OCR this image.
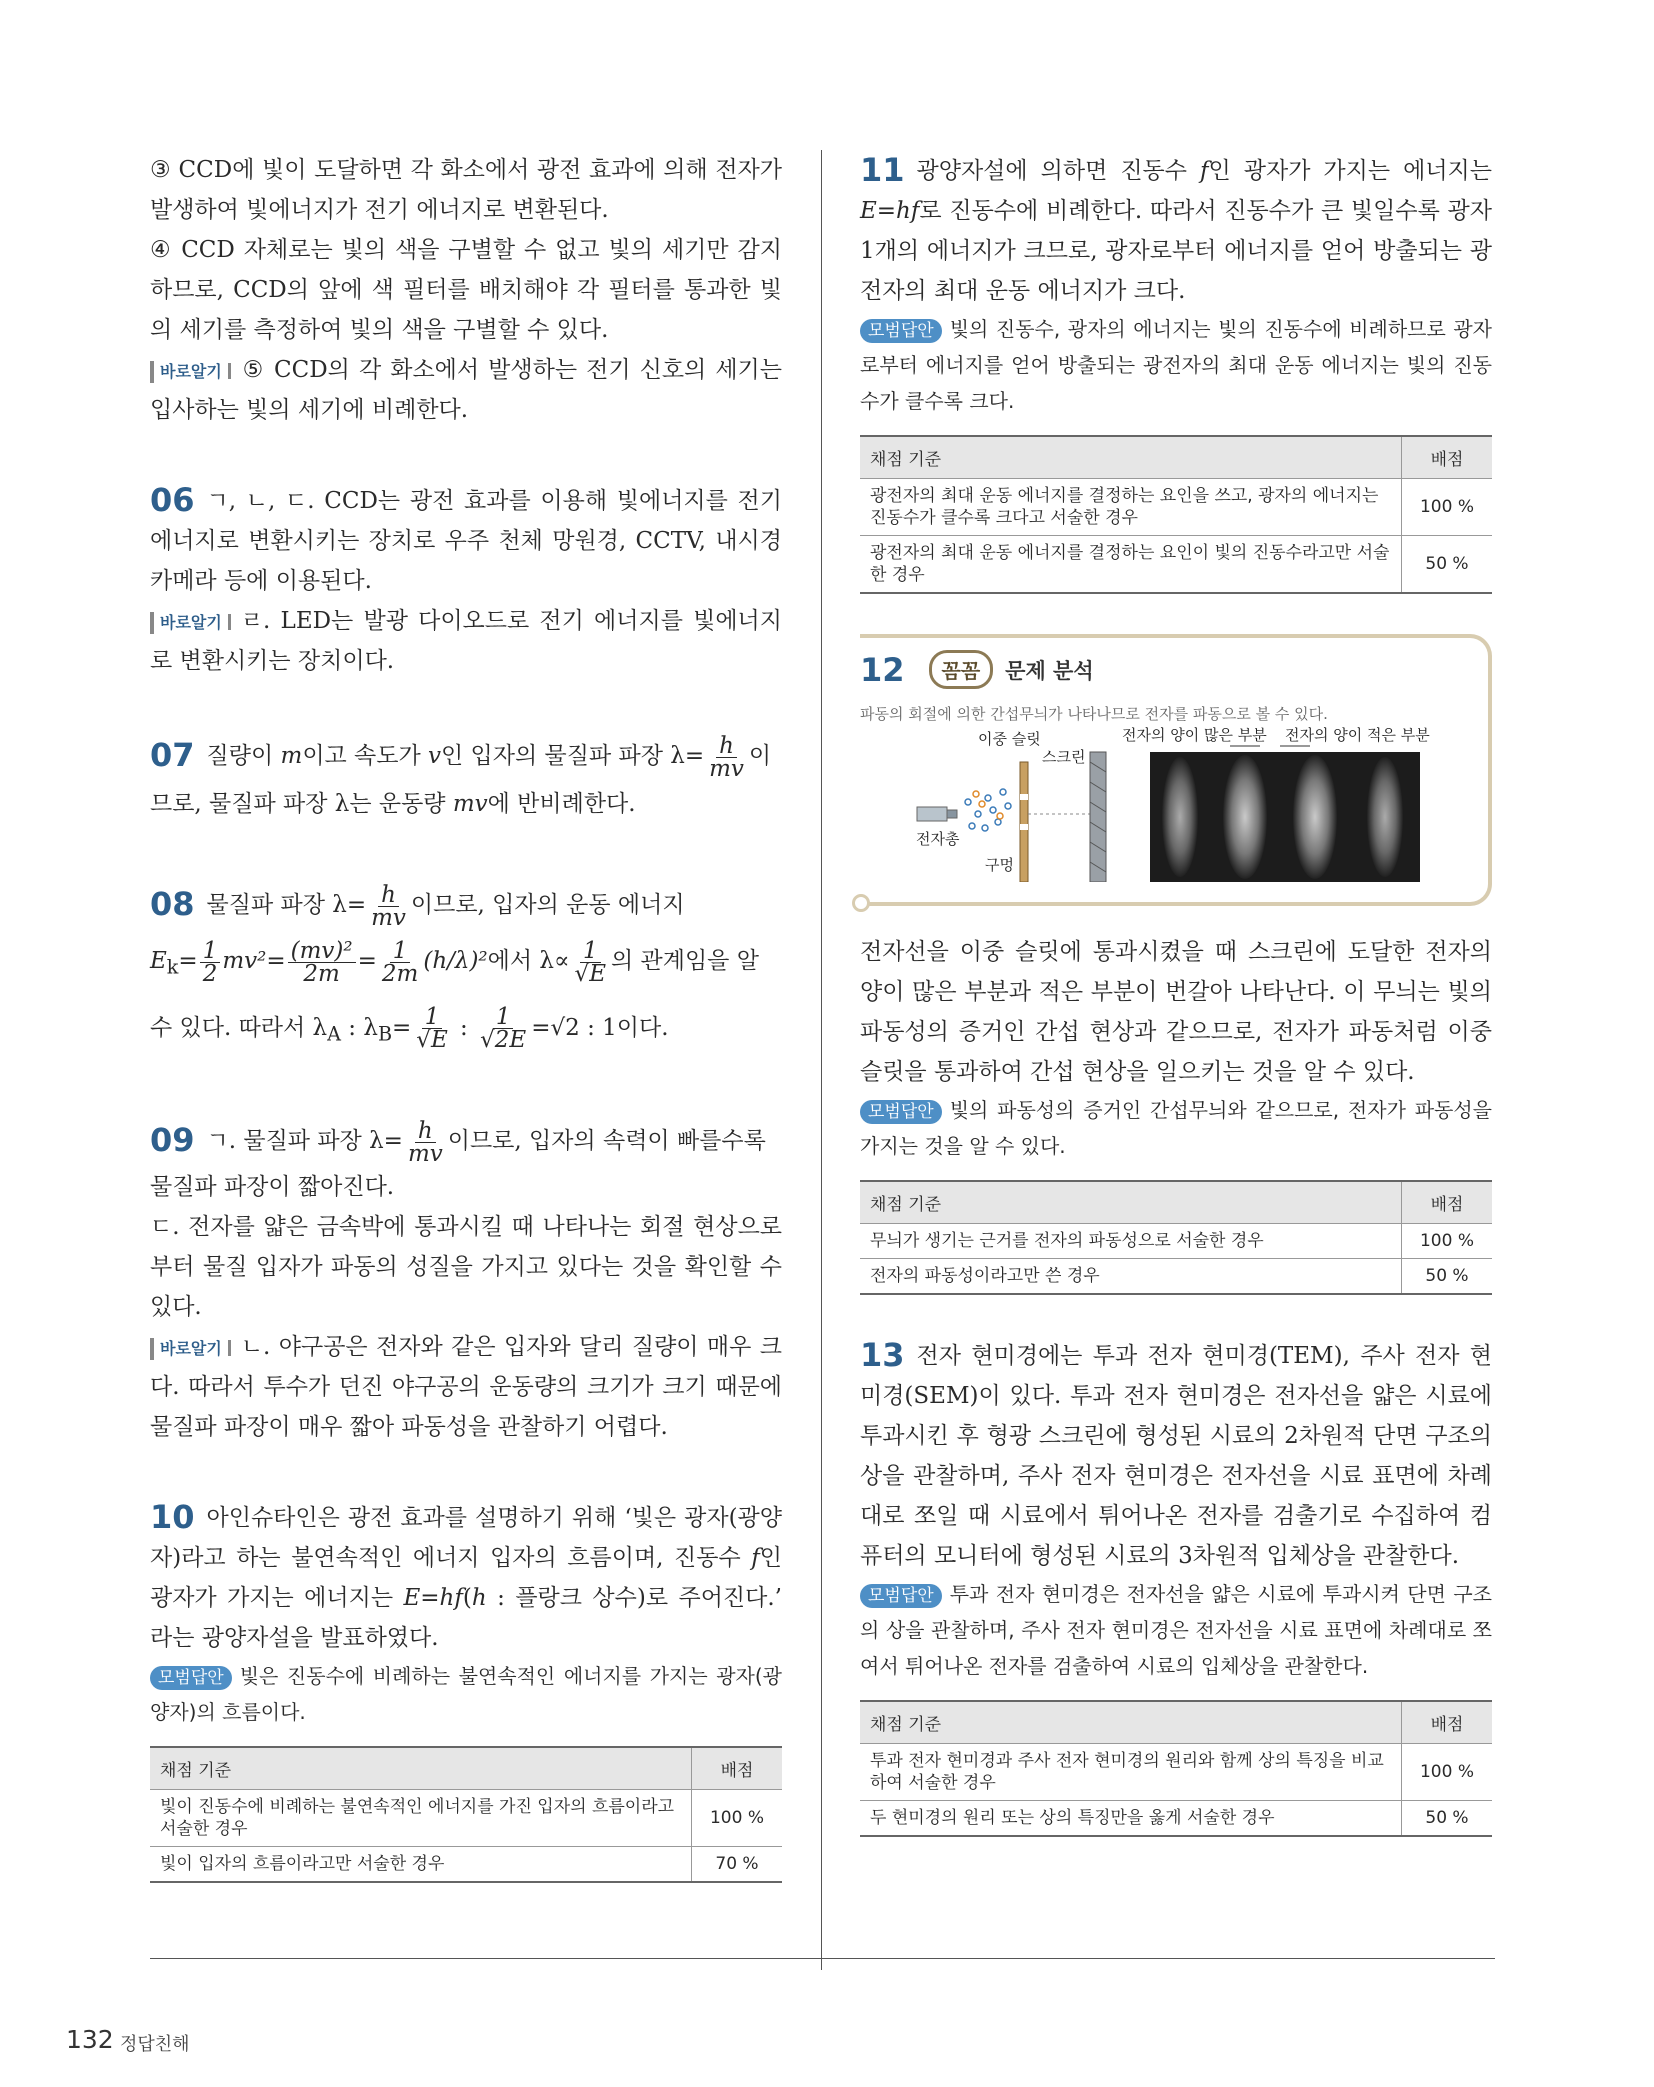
③ CCD에 빛이 도달하면 각 화소에서 광전 효과에 의해 전자가 발생하여 빛에너지가 전기 에너지로 변환된다.

④ CCD 자체로는 빛의 색을 구별할 수 없고 빛의 세기만 감지하므로, CCD의 앞에 색 필터를 배치해야 각 필터를 통과한 빛의 세기를 측정하여 빛의 색을 구별할 수 있다.

바로알기 ⑤ CCD의 각 화소에서 발생하는 전기 신호의 세기는 입사하는 빛의 세기에 비례한다.

06 ㄱ, ㄴ, ㄷ. CCD는 광전 효과를 이용해 빛에너지를 전기 에너지로 변환시키는 장치로 우주 천체 망원경, CCTV, 내시경 카메라 등에 이용된다.

바로알기 ㄹ. LED는 발광 다이오드로 전기 에너지를 빛에너지로 변환시키는 장치이다.

07 질량이 m이고 속도가 v인 입자의 물질파 파장 $\lambda= \frac{h}{mv}$ 이
므로, 물질파 파장 λ는 운동량 mv에 반비례한다.

08 물질파 파장 $\lambda= \frac{h}{mv}$ 이므로, 입자의 운동 에너지

$E_k= \frac{1}{2} mv^2= \frac{\text{(mv)²}}{2m} = \frac{1}{2m} (h/\lambda)^2$에서 $\lambda\propto \frac{1}{√E}$ 의 관계임을 알

수 있다. 따라서 $\lambda_A$ : $\lambda_B= \frac{1}{√E}$ : $\frac{1}{√2E} =√2$ : 1이다.

09 ㄱ. 물질파 파장 $\lambda= \frac{h}{mv}$ 이므로, 입자의 속력이 빠를수록

물질파 파장이 짧아진다.

ㄷ. 전자를 얇은 금속박에 통과시킬 때 나타나는 회절 현상으로부터 물질 입자가 파동의 성질을 가지고 있다는 것을 확인할 수 있다.

바로알기 ㄴ. 야구공은 전자와 같은 입자와 달리 질량이 매우 크다. 따라서 투수가 던진 야구공의 운동량의 크기가 크기 때문에 물질파 파장이 매우 짧아 파동성을 관찰하기 어렵다.

10 아인슈타인은 광전 효과를 설명하기 위해 ‘빛은 광자(광양자)라고 하는 불연속적인 에너지 입자의 흐름이며, 진동수 f인 광자가 가지는 에너지는 E=hf(h : 플랑크 상수)로 주어진다.’ 라는 광양자설을 발표하였다.

모범답안 빛은 진동수에 비례하는 불연속적인 에너지를 가지는 광자(광양자)의 흐름이다.

채점 기준	배점
빛이 진동수에 비례하는 불연속적인 에너지를 가진 입자의 흐름이라고 서술한 경우	100 %
빛이 입자의 흐름이라고만 서술한 경우	70 %

11 광양자설에 의하면 진동수 f인 광자가 가지는 에너지는 E=hf로 진동수에 비례한다. 따라서 진동수가 큰 빛일수록 광자 1개의 에너지가 크므로, 광자로부터 에너지를 얻어 방출되는 광전자의 최대 운동 에너지가 크다.

모범답안 빛의 진동수, 광자의 에너지는 빛의 진동수에 비례하므로 광자로부터 에너지를 얻어 방출되는 광전자의 최대 운동 에너지는 빛의 진동수가 클수록 크다.

채점 기준	배점
광전자의 최대 운동 에너지를 결정하는 요인을 쓰고, 광자의 에너지는 진동수가 클수록 크다고 서술한 경우	100 %
광전자의 최대 운동 에너지를 결정하는 요인이 빛의 진동수라고만 서술한 경우	50 %
12	꼼꼼	문제 분석
파동의 회절에 의한 간섭무늬가 나타나므로 전자를 파동으로 볼 수 있다.
이중 슬릿
스크린
전자의 양이 많은 부분 전자의 양이 적은 부분
전자총
구멍

전자선을 이중 슬릿에 통과시켰을 때 스크린에 도달한 전자의 양이 많은 부분과 적은 부분이 번갈아 나타난다. 이 무늬는 빛의 파동성의 증거인 간섭 현상과 같으므로, 전자가 파동처럼 이중 슬릿을 통과하여 간섭 현상을 일으키는 것을 알 수 있다.

모범답안 빛의 파동성의 증거인 간섭무늬와 같으므로, 전자가 파동성을 가지는 것을 알 수 있다.

채점 기준	배점
무늬가 생기는 근거를 전자의 파동성으로 서술한 경우	100 %
전자의 파동성이라고만 쓴 경우	50 %

13 전자 현미경에는 투과 전자 현미경(TEM), 주사 전자 현미경(SEM)이 있다. 투과 전자 현미경은 전자선을 얇은 시료에 투과시킨 후 형광 스크린에 형성된 시료의 2차원적 단면 구조의 상을 관찰하며, 주사 전자 현미경은 전자선을 시료 표면에 차례대로 쪼일 때 시료에서 튀어나온 전자를 검출기로 수집하여 컴퓨터의 모니터에 형성된 시료의 3차원적 입체상을 관찰한다.

모범답안 투과 전자 현미경은 전자선을 얇은 시료에 투과시켜 단면 구조의 상을 관찰하며, 주사 전자 현미경은 전자선을 시료 표면에 차례대로 쪼여서 튀어나온 전자를 검출하여 시료의 입체상을 관찰한다.

채점 기준	배점
투과 전자 현미경과 주사 전자 현미경의 원리와 함께 상의 특징을 비교하여 서술한 경우	100 %
두 현미경의 원리 또는 상의 특징만을 옳게 서술한 경우	50 %
132 정답친해
